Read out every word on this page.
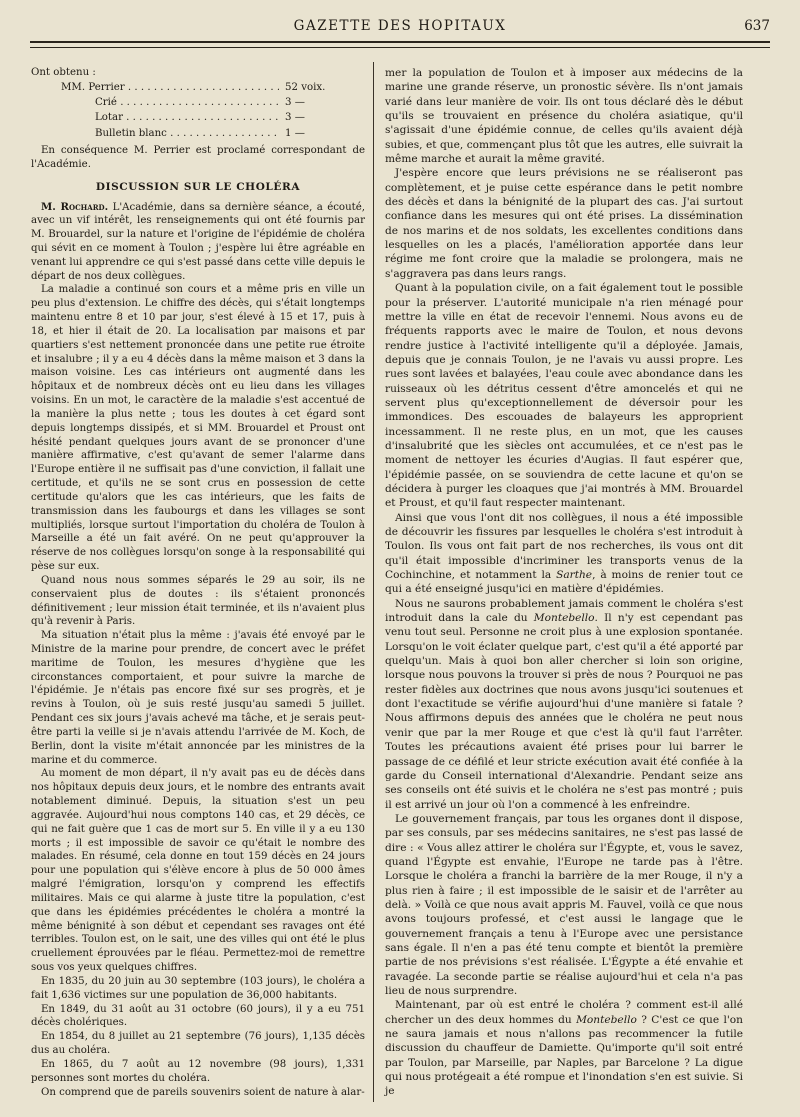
GAZETTE DES HOPITAUX	637

Ont obtenu :

MM. Perrier . . .	52 voix.
Crié . . .	3 —
Lotar . . .	3 —
Bulletin blanc . . .	1 —

En conséquence M. Perrier est proclamé correspondant de l'Académie.

DISCUSSION SUR LE CHOLÉRA

M. Rochard. L'Académie, dans sa dernière séance, a écouté, avec un vif intérêt, les renseignements qui ont été fournis par M. Brouardel, sur la nature et l'origine de l'épidémie de choléra qui sévit en ce moment à Toulon ; j'espère lui être agréable en venant lui apprendre ce qui s'est passé dans cette ville depuis le départ de nos deux collègues.

La maladie a continué son cours et a même pris en ville un peu plus d'extension. Le chiffre des décès, qui s'était longtemps maintenu entre 8 et 10 par jour, s'est élevé à 15 et 17, puis à 18, et hier il était de 20. La localisation par maisons et par quartiers s'est nettement prononcée dans une petite rue étroite et insalubre ; il y a eu 4 décès dans la même maison et 3 dans la maison voisine. Les cas intérieurs ont augmenté dans les hôpitaux et de nombreux décès ont eu lieu dans les villages voisins. En un mot, le caractère de la maladie s'est accentué de la manière la plus nette ; tous les doutes à cet égard sont depuis longtemps dissipés, et si MM. Brouardel et Proust ont hésité pendant quelques jours avant de se prononcer d'une manière affirmative, c'est qu'avant de semer l'alarme dans l'Europe entière il ne suffisait pas d'une conviction, il fallait une certitude, et qu'ils ne se sont crus en possession de cette certitude qu'alors que les cas intérieurs, que les faits de transmission dans les faubourgs et dans les villages se sont multipliés, lorsque surtout l'importation du choléra de Toulon à Marseille a été un fait avéré. On ne peut qu'approuver la réserve de nos collègues lorsqu'on songe à la responsabilité qui pèse sur eux.

Quand nous nous sommes séparés le 29 au soir, ils ne conservaient plus de doutes : ils s'étaient prononcés définitivement ; leur mission était terminée, et ils n'avaient plus qu'à revenir à Paris.

Ma situation n'était plus la même : j'avais été envoyé par le Ministre de la marine pour prendre, de concert avec le préfet maritime de Toulon, les mesures d'hygiène que les circonstances comportaient, et pour suivre la marche de l'épidémie. Je n'étais pas encore fixé sur ses progrès, et je revins à Toulon, où je suis resté jusqu'au samedi 5 juillet. Pendant ces six jours j'avais achevé ma tâche, et je serais peut-être parti la veille si je n'avais attendu l'arrivée de M. Koch, de Berlin, dont la visite m'était annoncée par les ministres de la marine et du commerce.

Au moment de mon départ, il n'y avait pas eu de décès dans nos hôpitaux depuis deux jours, et le nombre des entrants avait notablement diminué. Depuis, la situation s'est un peu aggravée. Aujourd'hui nous comptons 140 cas, et 29 décès, ce qui ne fait guère que 1 cas de mort sur 5. En ville il y a eu 130 morts ; il est impossible de savoir ce qu'était le nombre des malades. En résumé, cela donne en tout 159 décès en 24 jours pour une population qui s'élève encore à plus de 50 000 âmes malgré l'émigration, lorsqu'on y comprend les effectifs militaires. Mais ce qui alarme à juste titre la population, c'est que dans les épidémies précédentes le choléra a montré la même bénignité à son début et cependant ses ravages ont été terribles. Toulon est, on le sait, une des villes qui ont été le plus cruellement éprouvées par le fléau. Permettez-moi de remettre sous vos yeux quelques chiffres.

En 1835, du 20 juin au 30 septembre (103 jours), le choléra a fait 1,636 victimes sur une population de 36,000 habitants.

En 1849, du 31 août au 31 octobre (60 jours), il y a eu 751 décès cholériques.

En 1854, du 8 juillet au 21 septembre (76 jours), 1,135 décès dus au choléra.

En 1865, du 7 août au 12 novembre (98 jours), 1,331 personnes sont mortes du choléra.

On comprend que de pareils souvenirs soient de nature à alar-

mer la population de Toulon et à imposer aux médecins de la marine une grande réserve, un pronostic sévère. Ils n'ont jamais varié dans leur manière de voir. Ils ont tous déclaré dès le début qu'ils se trouvaient en présence du choléra asiatique, qu'il s'agissait d'une épidémie connue, de celles qu'ils avaient déjà subies, et que, commençant plus tôt que les autres, elle suivrait la même marche et aurait la même gravité.

J'espère encore que leurs prévisions ne se réaliseront pas complètement, et je puise cette espérance dans le petit nombre des décès et dans la bénignité de la plupart des cas. J'ai surtout confiance dans les mesures qui ont été prises. La dissémination de nos marins et de nos soldats, les excellentes conditions dans lesquelles on les a placés, l'amélioration apportée dans leur régime me font croire que la maladie se prolongera, mais ne s'aggravera pas dans leurs rangs.

Quant à la population civile, on a fait également tout le possible pour la préserver. L'autorité municipale n'a rien ménagé pour mettre la ville en état de recevoir l'ennemi. Nous avons eu de fréquents rapports avec le maire de Toulon, et nous devons rendre justice à l'activité intelligente qu'il a déployée. Jamais, depuis que je connais Toulon, je ne l'avais vu aussi propre. Les rues sont lavées et balayées, l'eau coule avec abondance dans les ruisseaux où les détritus cessent d'être amoncelés et qui ne servent plus qu'exceptionnellement de déversoir pour les immondices. Des escouades de balayeurs les approprient incessamment. Il ne reste plus, en un mot, que les causes d'insalubrité que les siècles ont accumulées, et ce n'est pas le moment de nettoyer les écuries d'Augias. Il faut espérer que, l'épidémie passée, on se souviendra de cette lacune et qu'on se décidera à purger les cloaques que j'ai montrés à MM. Brouardel et Proust, et qu'il faut respecter maintenant.

Ainsi que vous l'ont dit nos collègues, il nous a été impossible de découvrir les fissures par lesquelles le choléra s'est introduit à Toulon. Ils vous ont fait part de nos recherches, ils vous ont dit qu'il était impossible d'incriminer les transports venus de la Cochinchine, et notamment la Sarthe, à moins de renier tout ce qui a été enseigné jusqu'ici en matière d'épidémies.

Nous ne saurons probablement jamais comment le choléra s'est introduit dans la cale du Montebello. Il n'y est cependant pas venu tout seul. Personne ne croit plus à une explosion spontanée. Lorsqu'on le voit éclater quelque part, c'est qu'il a été apporté par quelqu'un. Mais à quoi bon aller chercher si loin son origine, lorsque nous pouvons la trouver si près de nous ? Pourquoi ne pas rester fidèles aux doctrines que nous avons jusqu'ici soutenues et dont l'exactitude se vérifie aujourd'hui d'une manière si fatale ? Nous affirmons depuis des années que le choléra ne peut nous venir que par la mer Rouge et que c'est là qu'il faut l'arrêter. Toutes les précautions avaient été prises pour lui barrer le passage de ce défilé et leur stricte exécution avait été confiée à la garde du Conseil international d'Alexandrie. Pendant seize ans ses conseils ont été suivis et le choléra ne s'est pas montré ; puis il est arrivé un jour où l'on a commencé à les enfreindre.

Le gouvernement français, par tous les organes dont il dispose, par ses consuls, par ses médecins sanitaires, ne s'est pas lassé de dire : « Vous allez attirer le choléra sur l'Égypte, et, vous le savez, quand l'Égypte est envahie, l'Europe ne tarde pas à l'être. Lorsque le choléra a franchi la barrière de la mer Rouge, il n'y a plus rien à faire ; il est impossible de le saisir et de l'arrêter au delà. » Voilà ce que nous avait appris M. Fauvel, voilà ce que nous avons toujours professé, et c'est aussi le langage que le gouvernement français a tenu à l'Europe avec une persistance sans égale. Il n'en a pas été tenu compte et bientôt la première partie de nos prévisions s'est réalisée. L'Égypte a été envahie et ravagée. La seconde partie se réalise aujourd'hui et cela n'a pas lieu de nous surprendre.

Maintenant, par où est entré le choléra ? comment est-il allé chercher un des deux hommes du Montebello ? C'est ce que l'on ne saura jamais et nous n'allons pas recommencer la futile discussion du chauffeur de Damiette. Qu'importe qu'il soit entré par Toulon, par Marseille, par Naples, par Barcelone ? La digue qui nous protégeait a été rompue et l'inondation s'en est suivie. Si je
